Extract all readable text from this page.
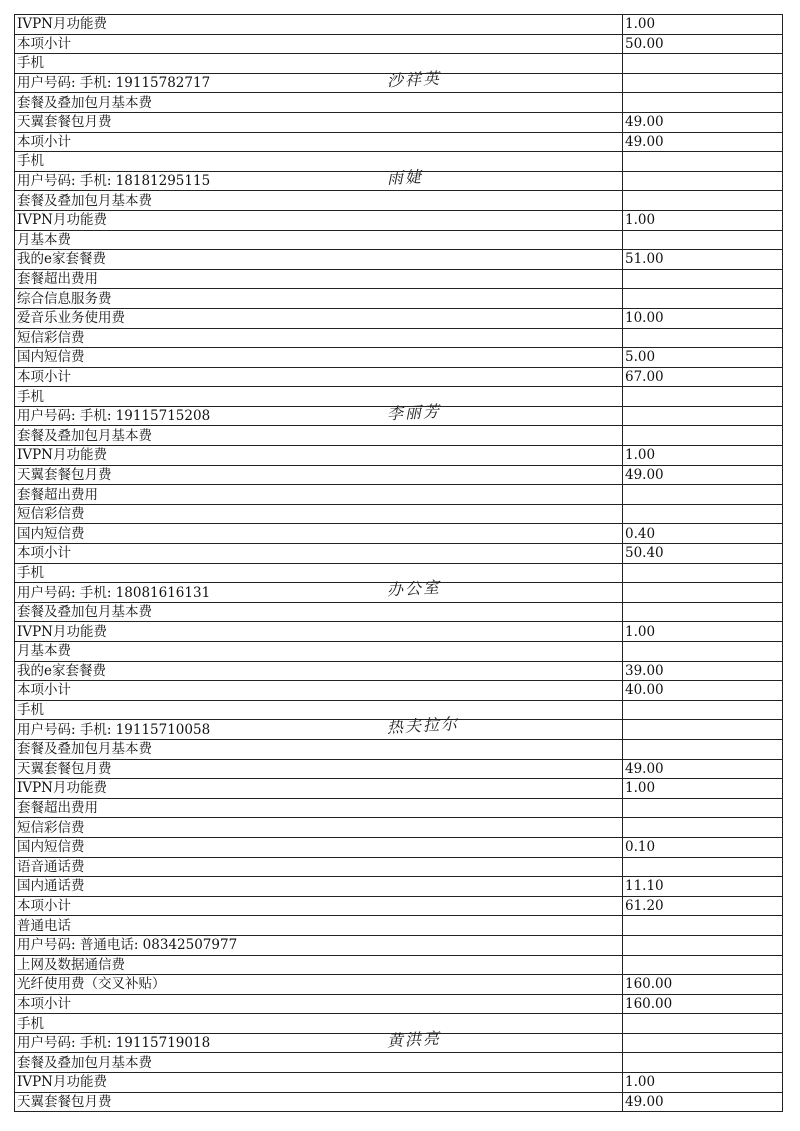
IVPN月功能费	1.00
本项小计	50.00
手机	
用户号码: 手机: 19115782717 沙祥英	

套餐及叠加包月基本费	
天翼套餐包月费	49.00
本项小计	49.00
手机	
用户号码: 手机: 18181295115 雨婕	

套餐及叠加包月基本费	
IVPN月功能费	1.00
月基本费	
我的e家套餐费	51.00
套餐超出费用	
综合信息服务费	
爱音乐业务使用费	10.00
短信彩信费	
国内短信费	5.00
本项小计	67.00
手机	
用户号码: 手机: 19115715208 李丽芳	

套餐及叠加包月基本费	
IVPN月功能费	1.00
天翼套餐包月费	49.00
套餐超出费用	
短信彩信费	
国内短信费	0.40
本项小计	50.40
手机	
用户号码: 手机: 18081616131 办公室	

套餐及叠加包月基本费	
IVPN月功能费	1.00
月基本费	
我的e家套餐费	39.00
本项小计	40.00
手机	
用户号码: 手机: 19115710058 热夫拉尔	

套餐及叠加包月基本费	
天翼套餐包月费	49.00
IVPN月功能费	1.00
套餐超出费用	
短信彩信费	
国内短信费	0.10
语音通话费	
国内通话费	11.10
本项小计	61.20
普通电话	
用户号码: 普通电话: 08342507977	
上网及数据通信费	
光纤使用费（交叉补贴）	160.00
本项小计	160.00
手机	
用户号码: 手机: 19115719018 黄洪亮	

套餐及叠加包月基本费	
IVPN月功能费	1.00
天翼套餐包月费	49.00
